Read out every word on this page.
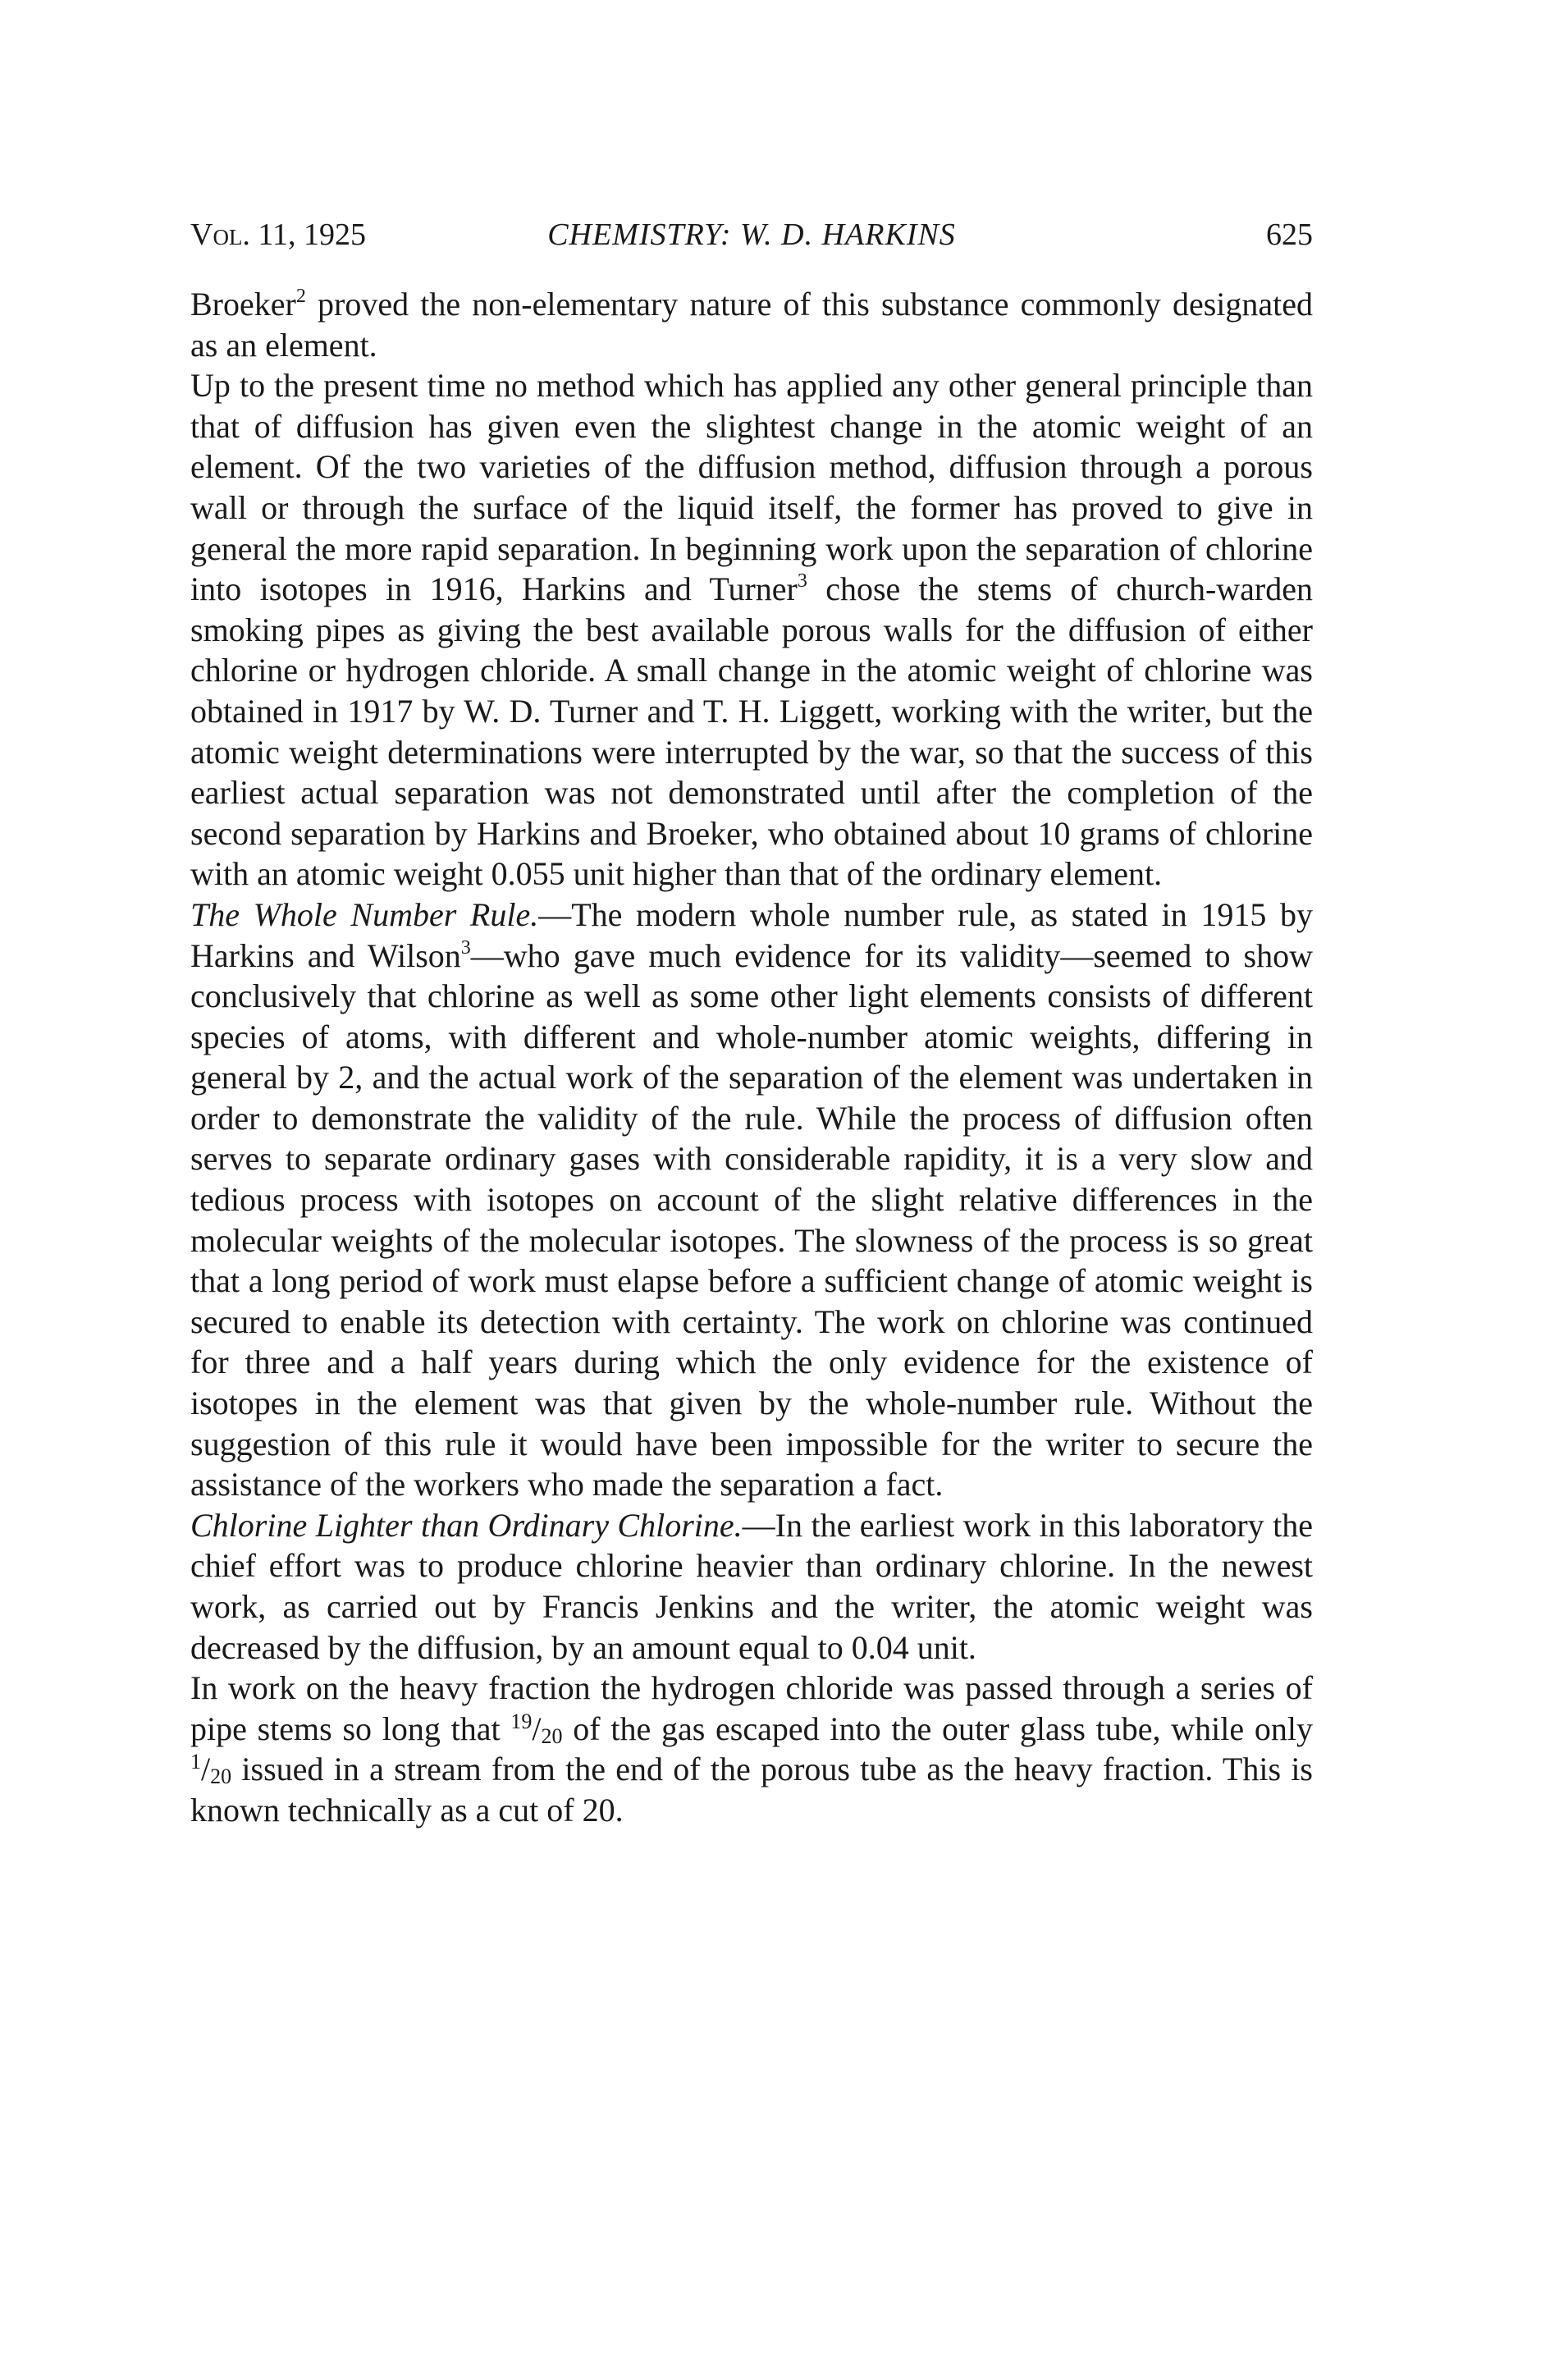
Vol. 11, 1925	CHEMISTRY: W. D. HARKINS	625

Broeker$^2$ proved the non-elementary nature of this substance commonly designated as an element.

Up to the present time no method which has applied any other general principle than that of diffusion has given even the slightest change in the atomic weight of an element. Of the two varieties of the diffusion method, diffusion through a porous wall or through the surface of the liquid itself, the former has proved to give in general the more rapid separation. In beginning work upon the separation of chlorine into isotopes in 1916, Harkins and Turner$^3$ chose the stems of church-warden smoking pipes as giving the best available porous walls for the diffusion of either chlorine or hydrogen chloride. A small change in the atomic weight of chlorine was obtained in 1917 by W. D. Turner and T. H. Liggett, working with the writer, but the atomic weight determinations were interrupted by the war, so that the success of this earliest actual separation was not demonstrated until after the completion of the second separation by Harkins and Broeker, who obtained about 10 grams of chlorine with an atomic weight 0.055 unit higher than that of the ordinary element.

The Whole Number Rule.—The modern whole number rule, as stated in 1915 by Harkins and Wilson$^3$—who gave much evidence for its validity—seemed to show conclusively that chlorine as well as some other light elements consists of different species of atoms, with different and whole-number atomic weights, differing in general by 2, and the actual work of the separation of the element was undertaken in order to demonstrate the validity of the rule. While the process of diffusion often serves to separate ordinary gases with considerable rapidity, it is a very slow and tedious process with isotopes on account of the slight relative differences in the molecular weights of the molecular isotopes. The slowness of the process is so great that a long period of work must elapse before a sufficient change of atomic weight is secured to enable its detection with certainty. The work on chlorine was continued for three and a half years during which the only evidence for the existence of isotopes in the element was that given by the whole-number rule. Without the suggestion of this rule it would have been impossible for the writer to secure the assistance of the workers who made the separation a fact.

Chlorine Lighter than Ordinary Chlorine.—In the earliest work in this laboratory the chief effort was to produce chlorine heavier than ordinary chlorine. In the newest work, as carried out by Francis Jenkins and the writer, the atomic weight was decreased by the diffusion, by an amount equal to 0.04 unit.

In work on the heavy fraction the hydrogen chloride was passed through a series of pipe stems so long that $^{19}$/20 of the gas escaped into the outer glass tube, while only $^1$/20 issued in a stream from the end of the porous tube as the heavy fraction. This is known technically as a cut of 20.
